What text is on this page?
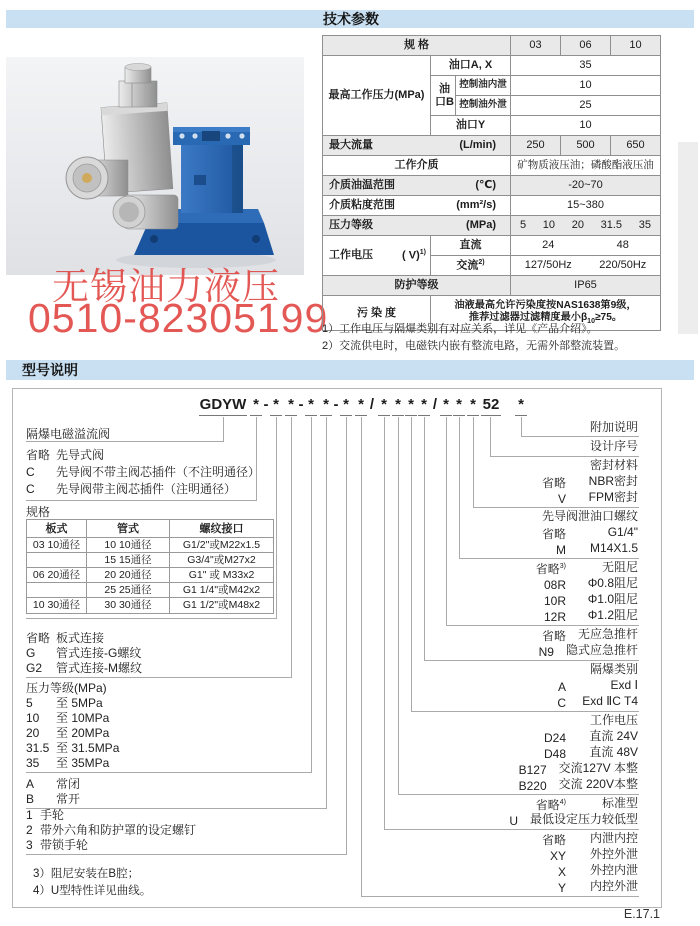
技术参数
无锡油力液压
0510-82305199
规 格			03	06	10
最高工作压力(MPa)	油口A, X		35		
	油口B	控制油内泄	10		
		控制油外泄	25		
	油口Y		10		

最大流量 (L/min)			250	500	650
工作介质			矿物质液压油；磷酸酯液压油		

介质油温范围 (℃)			-20~70		

介质粘度范围 (mm²/s)			15~380		

压力等级 (MPa)			5 10 20 31.5 35		

工作电压 ( V)$^{1)}$	直流		24 48		

	交流$^{2)}$		127/50Hz 220/50Hz		

防护等级			IP65		
污 染 度	油液最高允许污染度按NAS1638第9级，
推荐过滤器过滤精度最小$\beta_{10}\ge 75$。				
1）工作电压与隔爆类别有对应关系，详见《产品介绍》。
2）交流供电时，电磁铁内嵌有整流电路，无需外部整流装置。
型号说明
GDYW * - * * - * * - * * / * * * * / * * * 52 *
隔爆电磁溢流阀
省略 先导式阀
C	先导阀不带主阀芯插件（不注明通径）
C	先导阀带主阀芯插件（注明通径）
规格
板式	管式	螺纹接口
03 10通径	10 10通径	G1/2"或M22x1.5
15 15通径	G3/4"或M27x2
06 20通径	20 20通径	G1" 或 M33x2
25 25通径	G1 1/4"或M42x2
10 30通径	30 30通径	G1 1/2"或M48x2
省略 板式连接
G	管式连接-G螺纹
G2	管式连接-M螺纹
压力等级(MPa)
5	至 5MPa
10	至 10MPa
20	至 20MPa
31.5 至 31.5MPa
35	至 35MPa
A	常闭
B	常开
1 手轮
2 带外六角和防护罩的设定螺钉
3 带锁手轮
3）阻尼安装在B腔；
4）U型特性详见曲线。
附加说明
设计序号
密封材料
省略	NBR密封
V	FPM密封
先导阀泄油口螺纹
省略	G1/4"
M	M14X1.5
省略$^{3)}$	无阻尼
08R	Φ0.8阻尼
10R	Φ1.0阻尼
12R	Φ1.2阻尼
省略 无应急推杆
N9 隐式应急推杆
隔爆类别
A	Exd Ⅰ
C	Exd ⅡC T4
工作电压
D24	直流 24V
D48	直流 48V
B127 交流127V 本整
B220 交流 220V本整
省略$^{4)}$	标准型
U 最低设定压力较低型
省略	内泄内控
XY	外控外泄
X	外控内泄
Y	内控外泄
E.17.1
